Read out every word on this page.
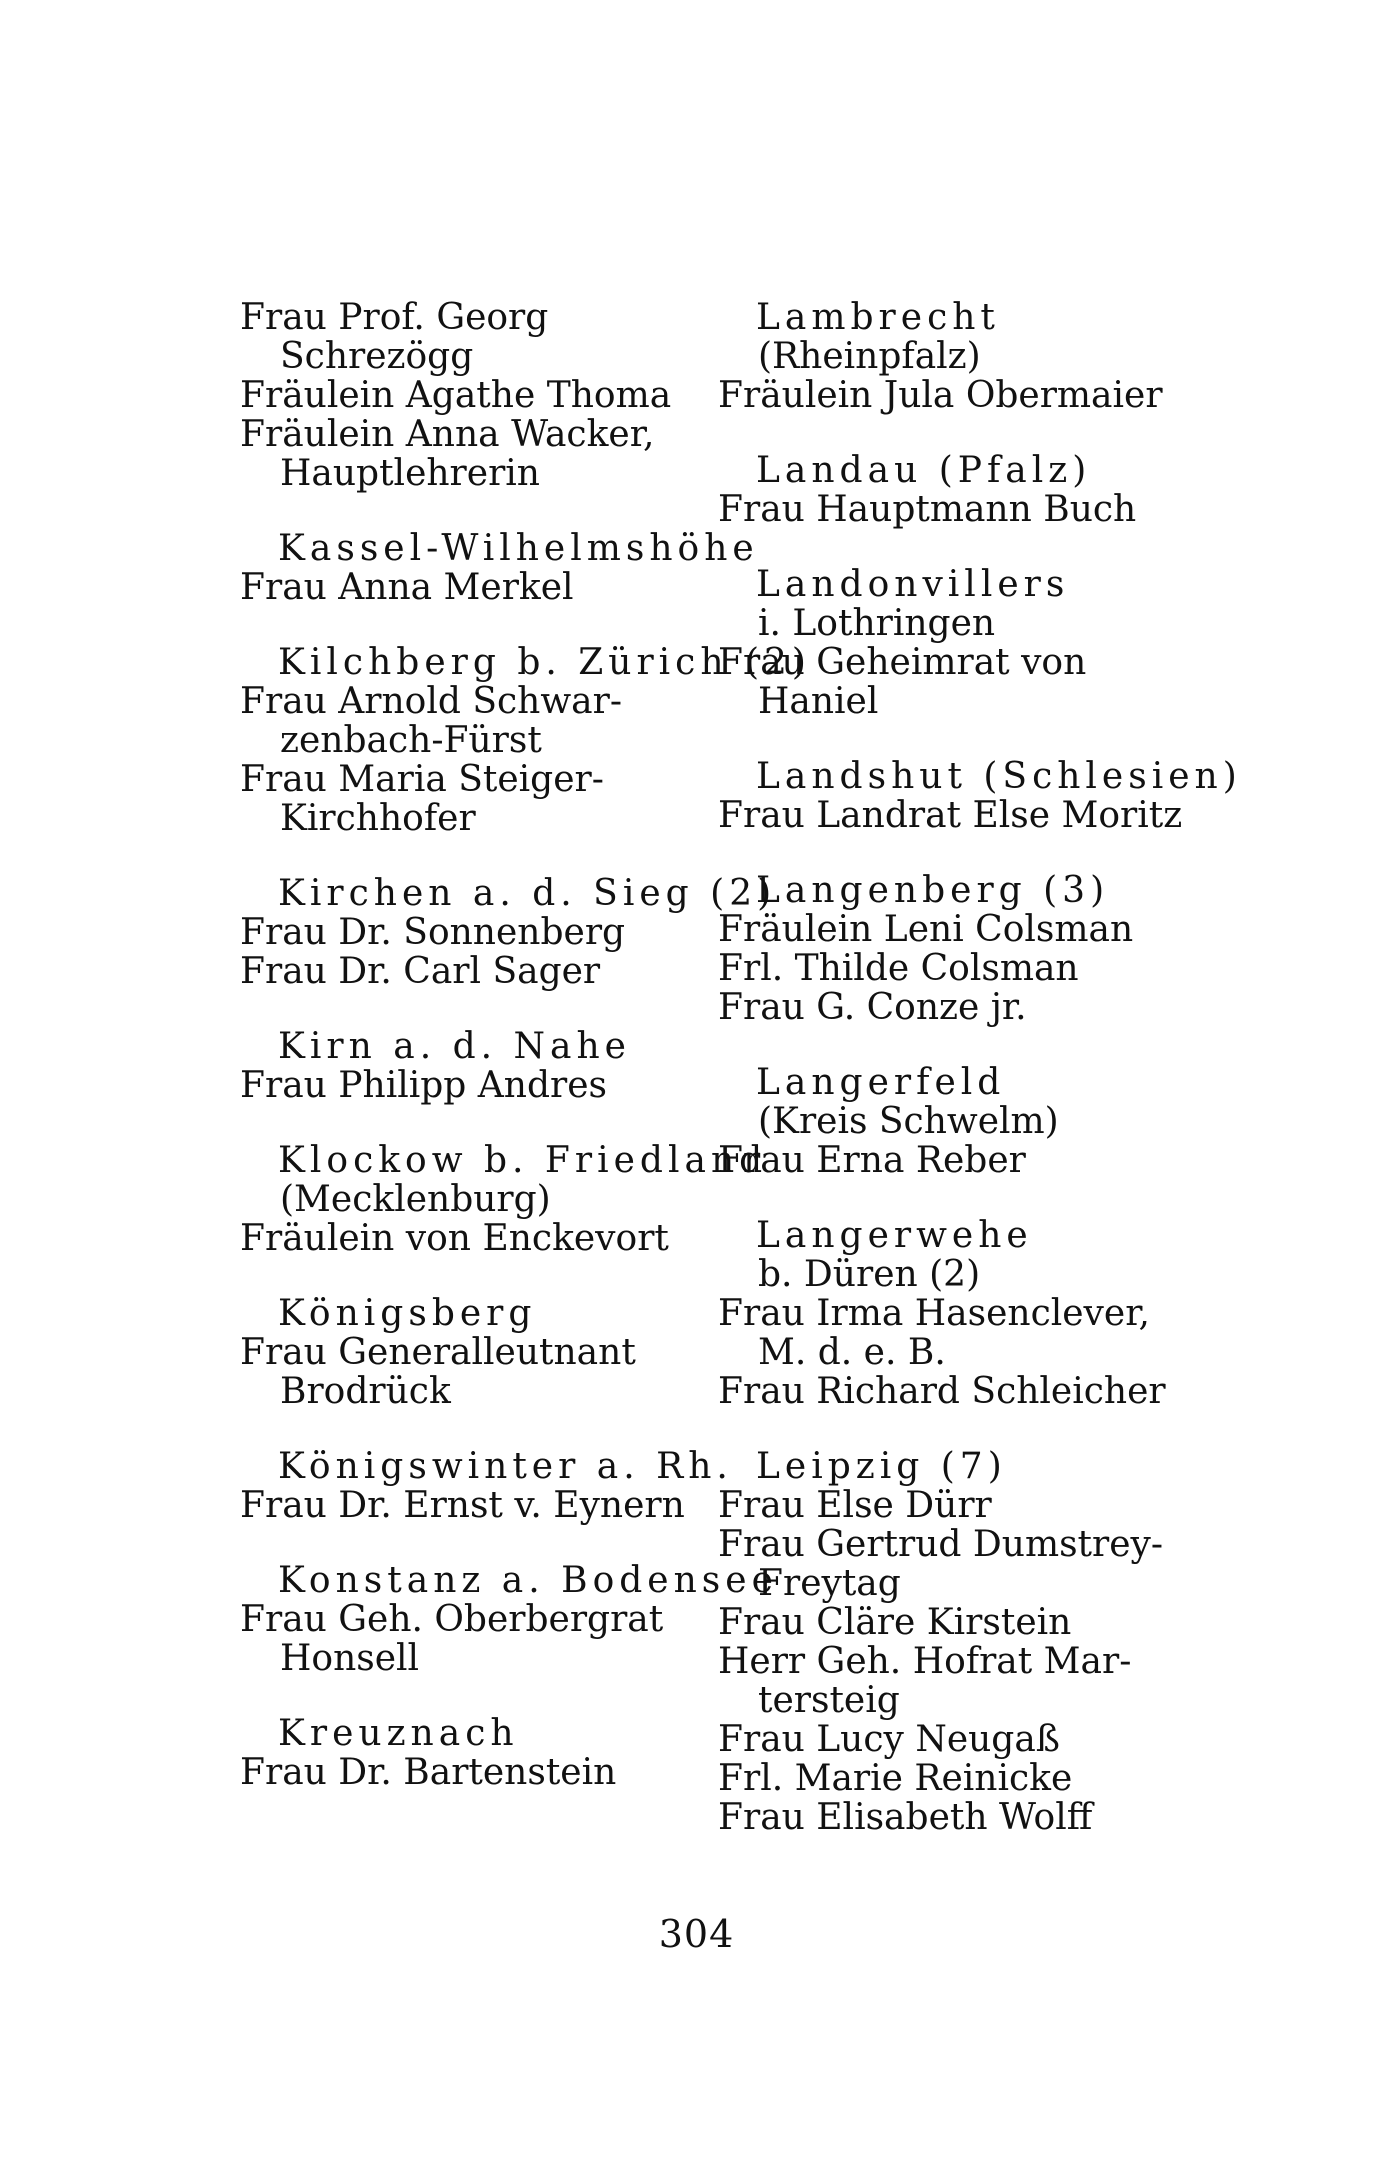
Frau Prof. Georg
Schrezögg
Fräulein Agathe Thoma
Fräulein Anna Wacker,
Hauptlehrerin
Kassel-Wilhelmshöhe
Frau Anna Merkel
Kilchberg b. Zürich (2)
Frau Arnold Schwar-
zenbach-Fürst
Frau Maria Steiger-
Kirchhofer
Kirchen a. d. Sieg (2)
Frau Dr. Sonnenberg
Frau Dr. Carl Sager
Kirn a. d. Nahe
Frau Philipp Andres
Klockow b. Friedland
(Mecklenburg)
Fräulein von Enckevort
Königsberg
Frau Generalleutnant
Brodrück
Königswinter a. Rh.
Frau Dr. Ernst v. Eynern
Konstanz a. Bodensee
Frau Geh. Oberbergrat
Honsell
Kreuznach
Frau Dr. Bartenstein
Lambrecht
(Rheinpfalz)
Fräulein Jula Obermaier
Landau (Pfalz)
Frau Hauptmann Buch
Landonvillers
i. Lothringen
Frau Geheimrat von
Haniel
Landshut (Schlesien)
Frau Landrat Else Moritz
Langenberg (3)
Fräulein Leni Colsman
Frl. Thilde Colsman
Frau G. Conze jr.
Langerfeld
(Kreis Schwelm)
Frau Erna Reber
Langerwehe
b. Düren (2)
Frau Irma Hasenclever,
M. d. e. B.
Frau Richard Schleicher
Leipzig (7)
Frau Else Dürr
Frau Gertrud Dumstrey-
Freytag
Frau Cläre Kirstein
Herr Geh. Hofrat Mar-
tersteig
Frau Lucy Neugaß
Frl. Marie Reinicke
Frau Elisabeth Wolff
304
